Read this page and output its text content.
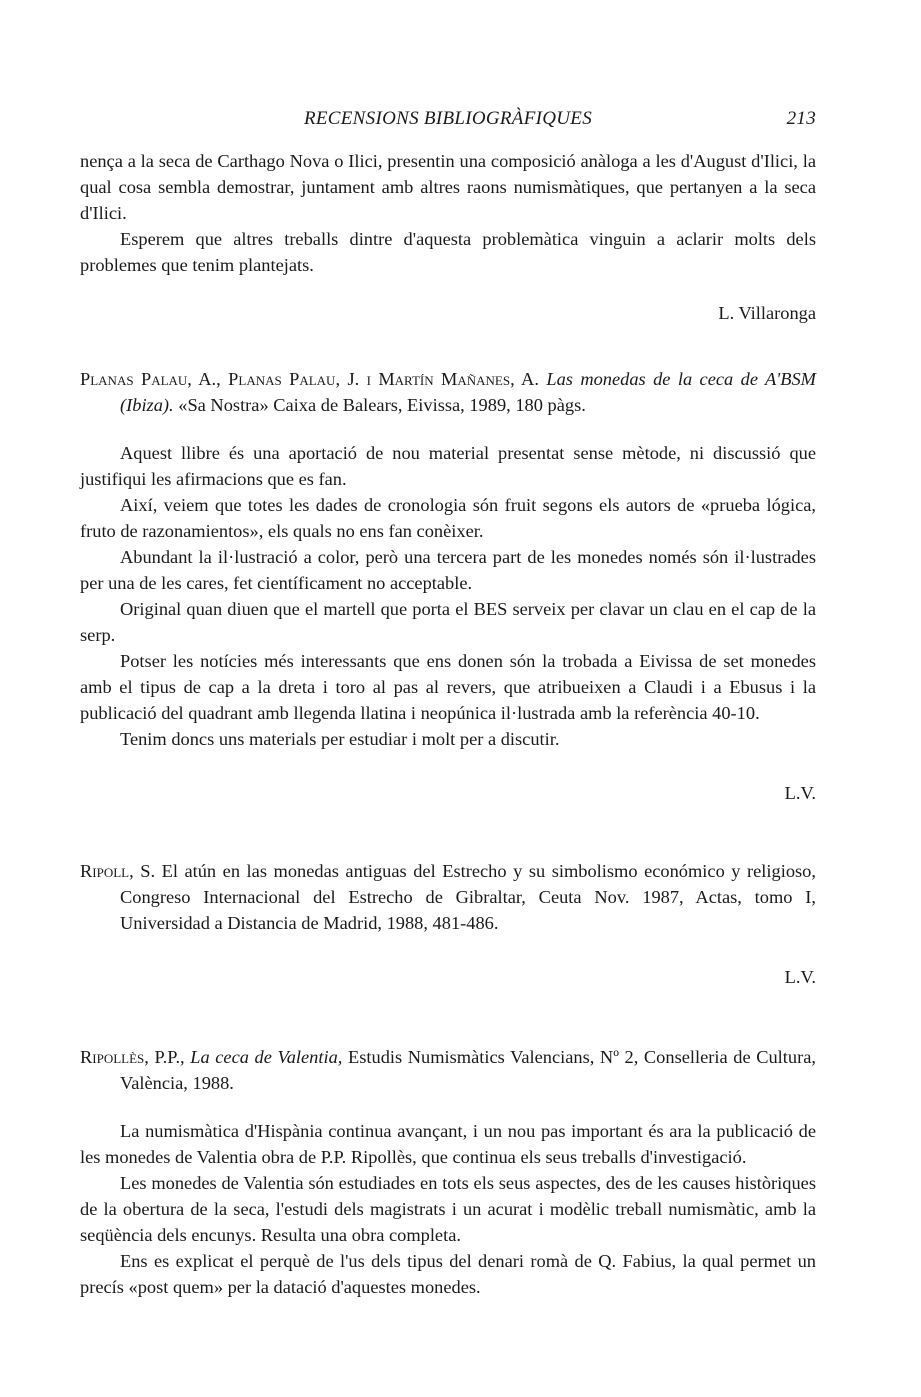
RECENSIONS BIBLIOGRÀFIQUES	213

nença a la seca de Carthago Nova o Ilici, presentin una composició anàloga a les d'August d'Ilici, la qual cosa sembla demostrar, juntament amb altres raons numismàtiques, que pertanyen a la seca d'Ilici.

Esperem que altres treballs dintre d'aquesta problemàtica vinguin a aclarir molts dels problemes que tenim plantejats.

L. Villaronga

Planas Palau, A., Planas Palau, J. i Martín Mañanes, A. Las monedas de la ceca de A'BSM (Ibiza). «Sa Nostra» Caixa de Balears, Eivissa, 1989, 180 pàgs.

Aquest llibre és una aportació de nou material presentat sense mètode, ni discussió que justifiqui les afirmacions que es fan.

Així, veiem que totes les dades de cronologia són fruit segons els autors de «prueba lógica, fruto de razonamientos», els quals no ens fan conèixer.

Abundant la il·lustració a color, però una tercera part de les monedes només són il·lustrades per una de les cares, fet científicament no acceptable.

Original quan diuen que el martell que porta el BES serveix per clavar un clau en el cap de la serp.

Potser les notícies més interessants que ens donen són la trobada a Eivissa de set monedes amb el tipus de cap a la dreta i toro al pas al revers, que atribueixen a Claudi i a Ebusus i la publicació del quadrant amb llegenda llatina i neopúnica il·lustrada amb la referència 40-10.

Tenim doncs uns materials per estudiar i molt per a discutir.

L.V.

Ripoll, S. El atún en las monedas antiguas del Estrecho y su simbolismo económico y religioso, Congreso Internacional del Estrecho de Gibraltar, Ceuta Nov. 1987, Actas, tomo I, Universidad a Distancia de Madrid, 1988, 481-486.

L.V.

Ripollès, P.P., La ceca de Valentia, Estudis Numismàtics Valencians, Nº 2, Conselleria de Cultura, València, 1988.

La numismàtica d'Hispània continua avançant, i un nou pas important és ara la publicació de les monedes de Valentia obra de P.P. Ripollès, que continua els seus treballs d'investigació.

Les monedes de Valentia són estudiades en tots els seus aspectes, des de les causes històriques de la obertura de la seca, l'estudi dels magistrats i un acurat i modèlic treball numismàtic, amb la seqüència dels encunys. Resulta una obra completa.

Ens es explicat el perquè de l'us dels tipus del denari romà de Q. Fabius, la qual permet un precís «post quem» per la datació d'aquestes monedes.
